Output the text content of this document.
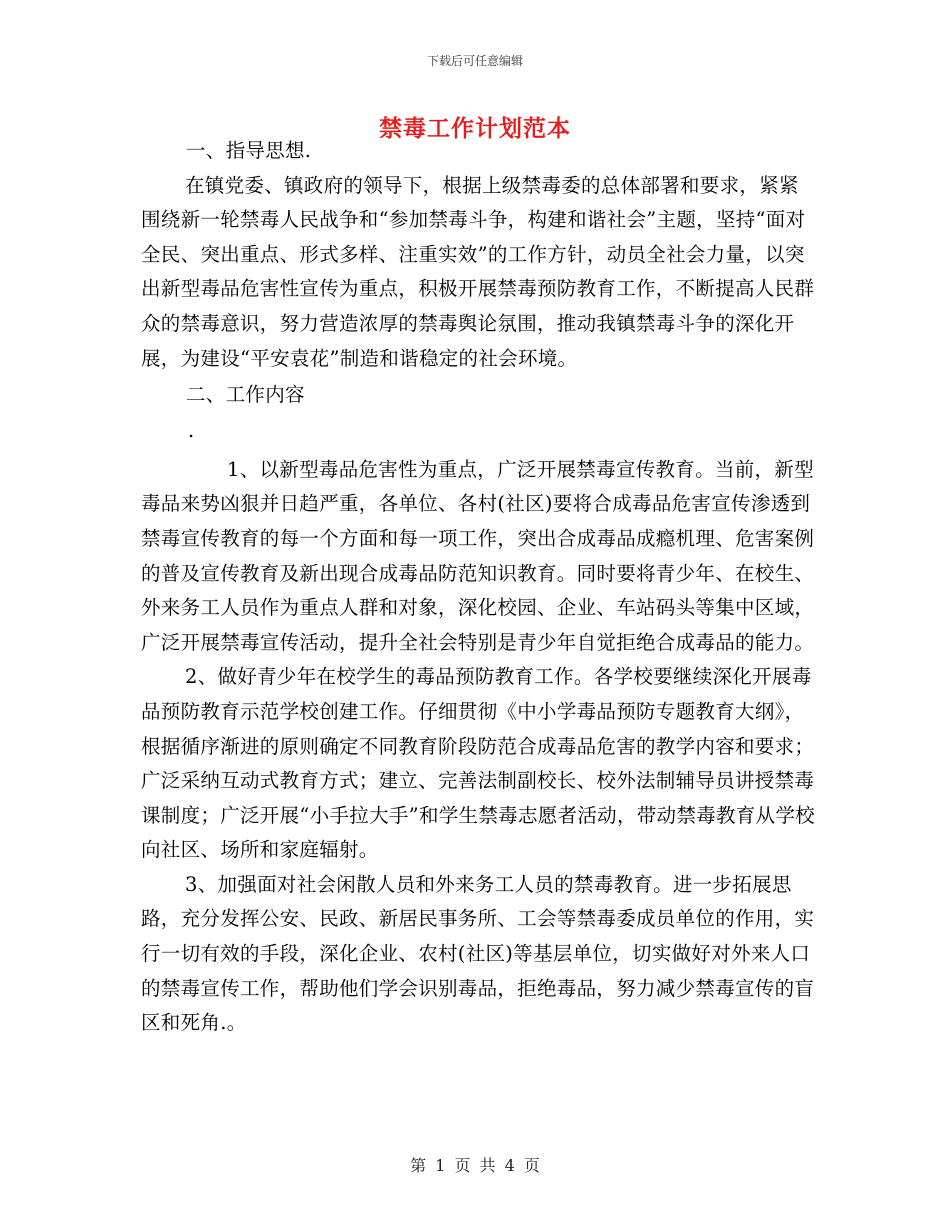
下载后可任意编辑
禁毒工作计划范本

一、指导思想.

在镇党委、镇政府的领导下，根据上级禁毒委的总体部署和要求，紧紧围绕新一轮禁毒人民战争和“参加禁毒斗争，构建和谐社会”主题，坚持“面对全民、突出重点、形式多样、注重实效”的工作方针，动员全社会力量，以突出新型毒品危害性宣传为重点，积极开展禁毒预防教育工作，不断提高人民群众的禁毒意识，努力营造浓厚的禁毒舆论氛围，推动我镇禁毒斗争的深化开展，为建设“平安袁花”制造和谐稳定的社会环境。

二、工作内容

.

1、以新型毒品危害性为重点，广泛开展禁毒宣传教育。当前，新型毒品来势凶狠并日趋严重，各单位、各村(社区)要将合成毒品危害宣传渗透到禁毒宣传教育的每一个方面和每一项工作，突出合成毒品成瘾机理、危害案例的普及宣传教育及新出现合成毒品防范知识教育。同时要将青少年、在校生、外来务工人员作为重点人群和对象，深化校园、企业、车站码头等集中区域，广泛开展禁毒宣传活动，提升全社会特别是青少年自觉拒绝合成毒品的能力。

2、做好青少年在校学生的毒品预防教育工作。各学校要继续深化开展毒品预防教育示范学校创建工作。仔细贯彻《中小学毒品预防专题教育大纲》，根据循序渐进的原则确定不同教育阶段防范合成毒品危害的教学内容和要求；广泛采纳互动式教育方式；建立、完善法制副校长、校外法制辅导员讲授禁毒课制度；广泛开展“小手拉大手”和学生禁毒志愿者活动，带动禁毒教育从学校向社区、场所和家庭辐射。

3、加强面对社会闲散人员和外来务工人员的禁毒教育。进一步拓展思路，充分发挥公安、民政、新居民事务所、工会等禁毒委成员单位的作用，实行一切有效的手段，深化企业、农村(社区)等基层单位，切实做好对外来人口的禁毒宣传工作，帮助他们学会识别毒品，拒绝毒品，努力减少禁毒宣传的盲区和死角.。

第 1 页 共 4 页
